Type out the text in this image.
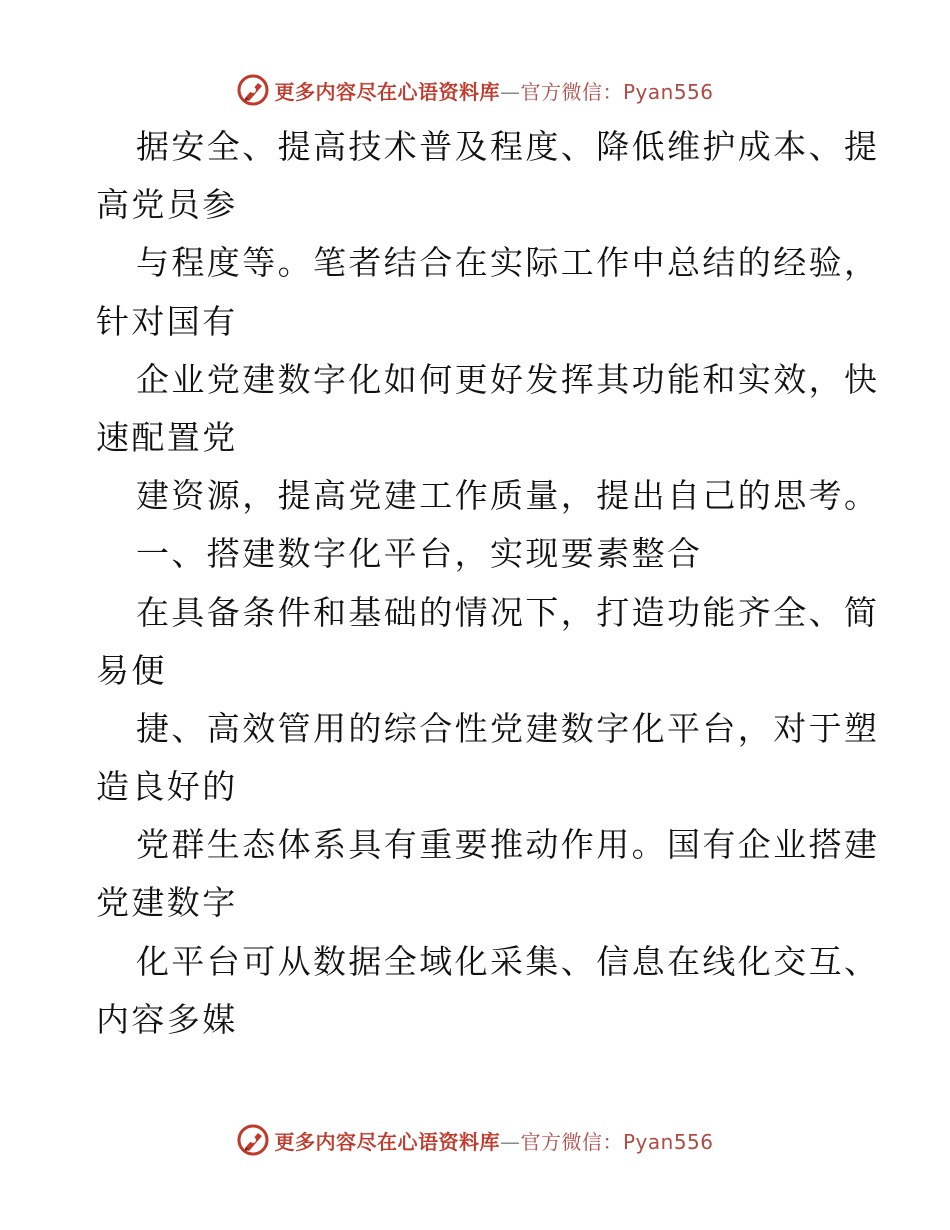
更多内容尽在心语资料库—官方微信：Pyan556
据安全、提高技术普及程度、降低维护成本、提
高党员参
与程度等。笔者结合在实际工作中总结的经验，
针对国有
企业党建数字化如何更好发挥其功能和实效，快
速配置党
建资源，提高党建工作质量，提出自己的思考。
一、搭建数字化平台，实现要素整合
在具备条件和基础的情况下，打造功能齐全、简
易便
捷、高效管用的综合性党建数字化平台，对于塑
造良好的
党群生态体系具有重要推动作用。国有企业搭建
党建数字
化平台可从数据全域化采集、信息在线化交互、
内容多媒
更多内容尽在心语资料库—官方微信：Pyan556
